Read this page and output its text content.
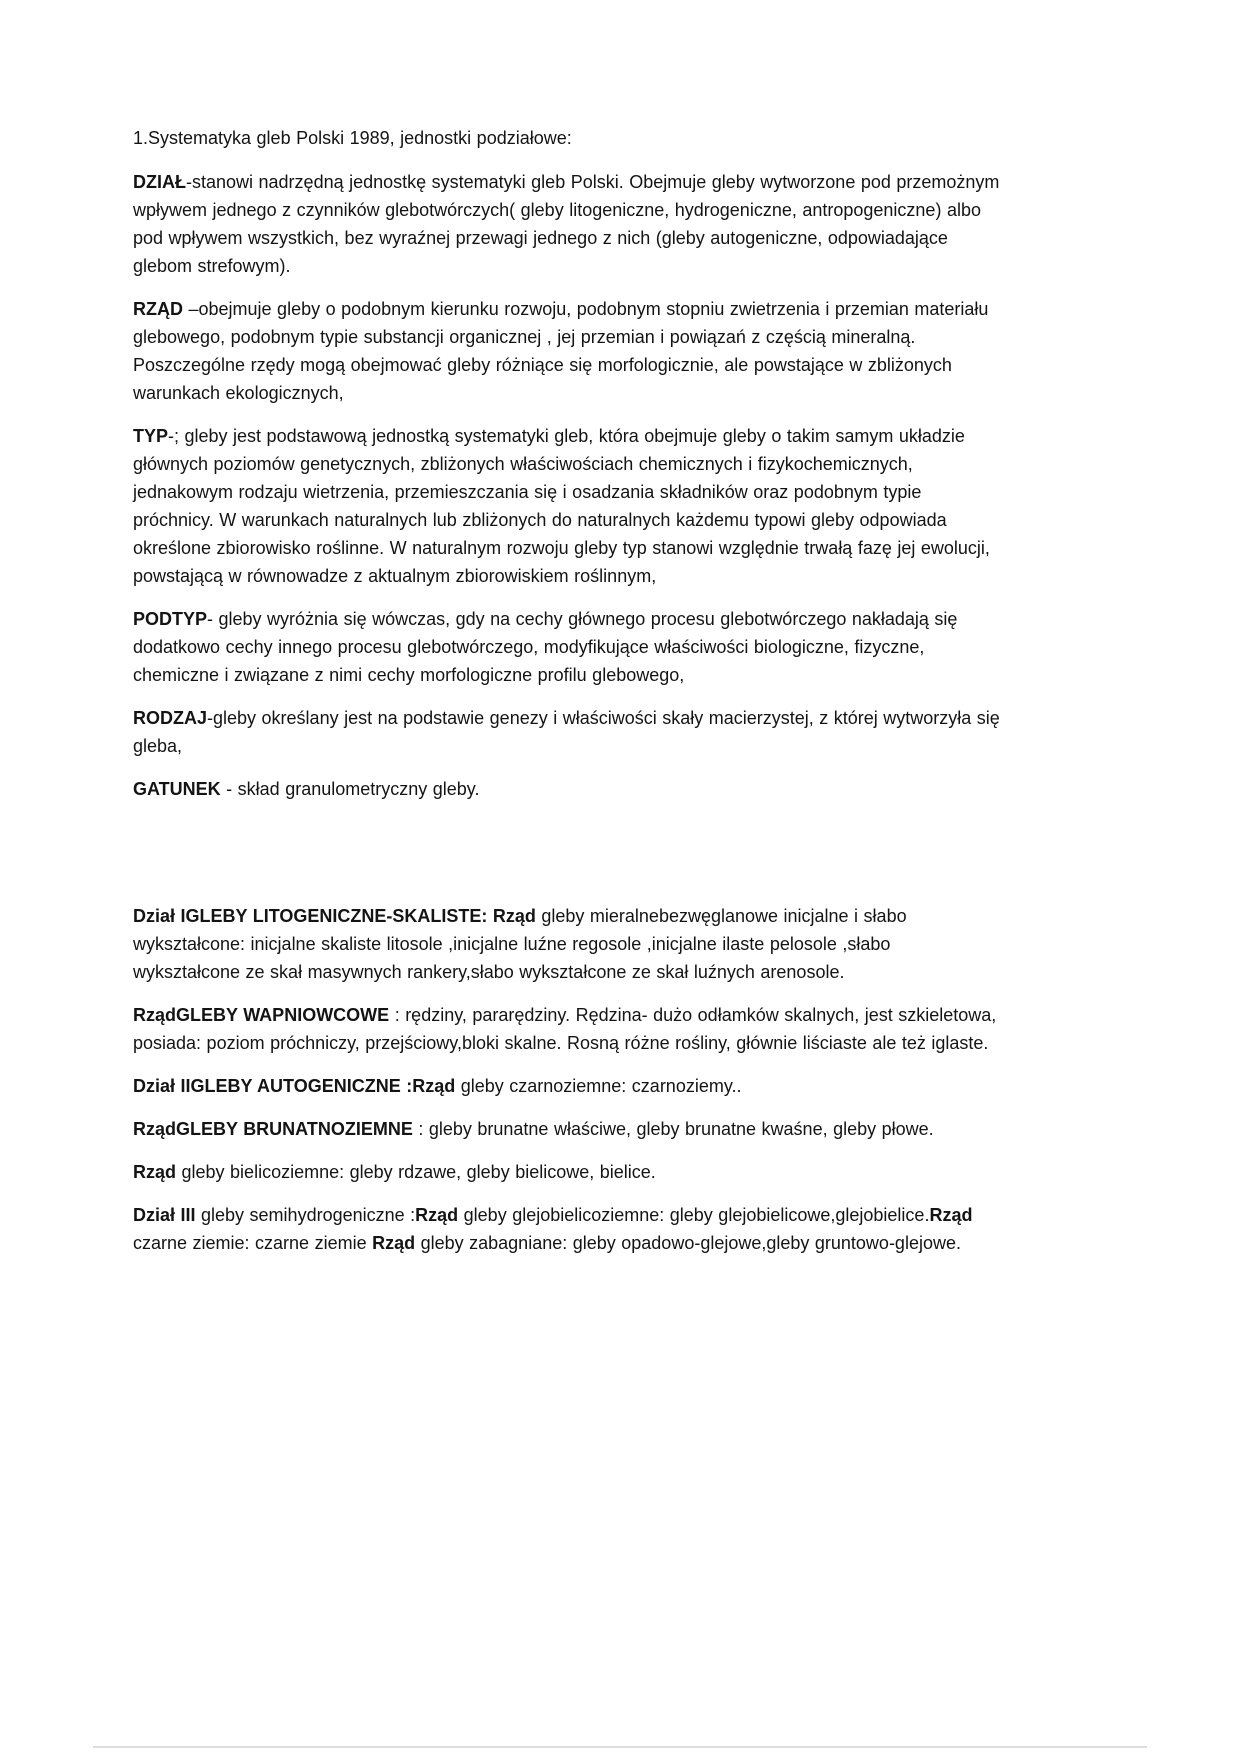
1.Systematyka gleb Polski 1989, jednostki podziałowe:

DZIAŁ-stanowi nadrzędną jednostkę systematyki gleb Polski. Obejmuje gleby wytworzone pod przemożnym wpływem jednego z czynników glebotwórczych( gleby litogeniczne, hydrogeniczne, antropogeniczne) albo pod wpływem wszystkich, bez wyraźnej przewagi jednego z nich (gleby autogeniczne, odpowiadające glebom strefowym).

RZĄD –obejmuje gleby o podobnym kierunku rozwoju, podobnym stopniu zwietrzenia i przemian materiału glebowego, podobnym typie substancji organicznej , jej przemian i powiązań z częścią mineralną. Poszczególne rzędy mogą obejmować gleby różniące się morfologicznie, ale powstające w zbliżonych warunkach ekologicznych,

TYP-; gleby jest podstawową jednostką systematyki gleb, która obejmuje gleby o takim samym układzie głównych poziomów genetycznych, zbliżonych właściwościach chemicznych i fizykochemicznych, jednakowym rodzaju wietrzenia, przemieszczania się i osadzania składników oraz podobnym typie próchnicy. W warunkach naturalnych lub zbliżonych do naturalnych każdemu typowi gleby odpowiada określone zbiorowisko roślinne. W naturalnym rozwoju gleby typ stanowi względnie trwałą fazę jej ewolucji, powstającą w równowadze z aktualnym zbiorowiskiem roślinnym,

PODTYP- gleby wyróżnia się wówczas, gdy na cechy głównego procesu glebotwórczego nakładają się dodatkowo cechy innego procesu glebotwórczego, modyfikujące właściwości biologiczne, fizyczne, chemiczne i związane z nimi cechy morfologiczne profilu glebowego,

RODZAJ-gleby określany jest na podstawie genezy i właściwości skały macierzystej, z której wytworzyła się gleba,

GATUNEK - skład granulometryczny gleby.

Dział IGLEBY LITOGENICZNE-SKALISTE: Rząd gleby mieralnebezwęglanowe inicjalne i słabo wykształcone: inicjalne skaliste litosole ,inicjalne luźne regosole ,inicjalne ilaste pelosole ,słabo wykształcone ze skał masywnych rankery,słabo wykształcone ze skał luźnych arenosole.

RządGLEBY WAPNIOWCOWE : rędziny, pararędziny. Rędzina- dużo odłamków skalnych, jest szkieletowa, posiada: poziom próchniczy, przejściowy,bloki skalne. Rosną różne rośliny, głównie liściaste ale też iglaste.

Dział IIGLEBY AUTOGENICZNE :Rząd gleby czarnoziemne: czarnoziemy..

RządGLEBY BRUNATNOZIEMNE : gleby brunatne właściwe, gleby brunatne kwaśne, gleby płowe.

Rząd gleby bielicoziemne: gleby rdzawe, gleby bielicowe, bielice.

Dział III gleby semihydrogeniczne :Rząd gleby glejobielicoziemne: gleby glejobielicowe,glejobielice.Rząd czarne ziemie: czarne ziemie Rząd gleby zabagniane: gleby opadowo-glejowe,gleby gruntowo-glejowe.
